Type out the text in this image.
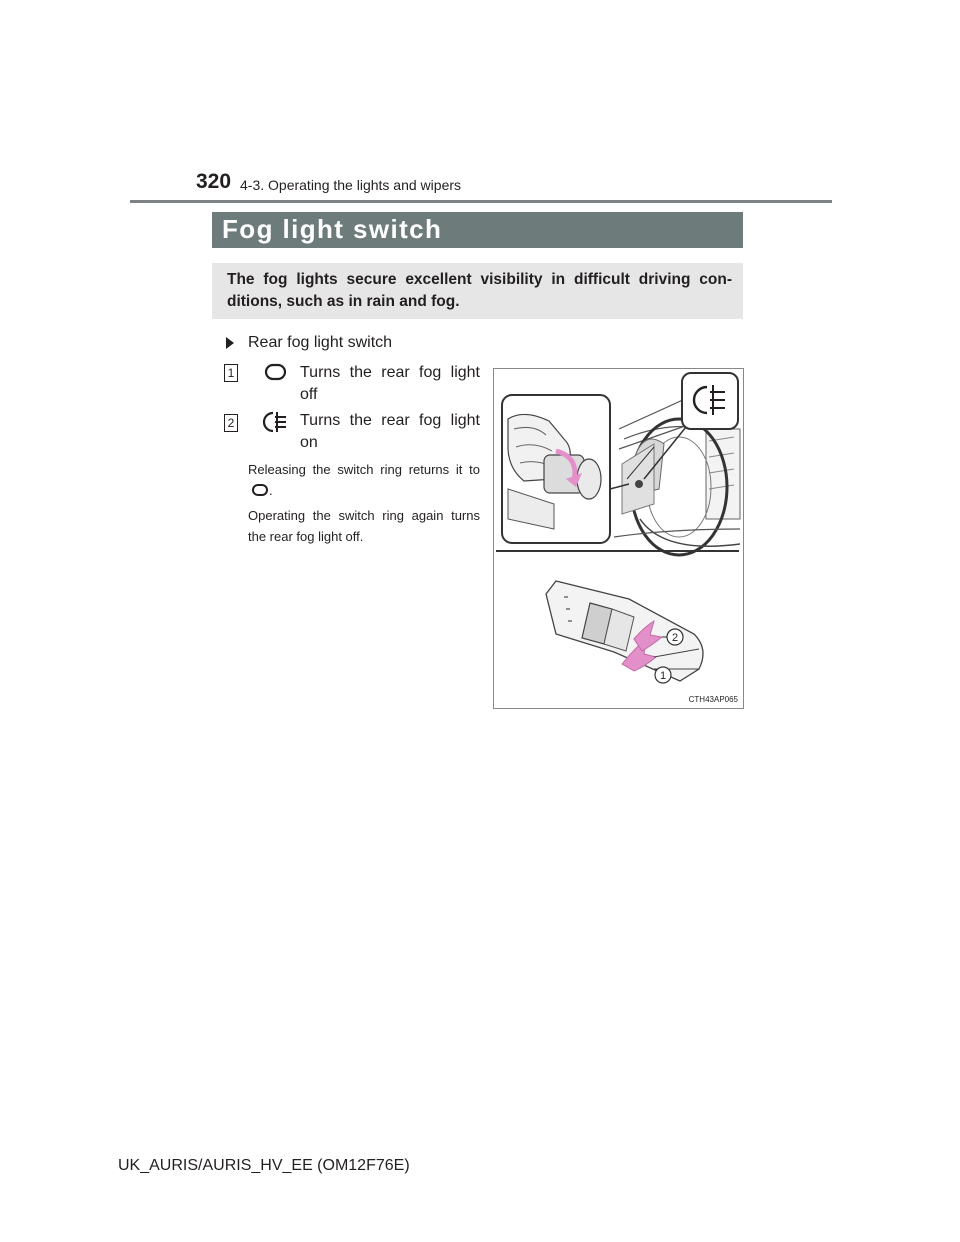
320 4-3. Operating the lights and wipers
Fog light switch
The fog lights secure excellent visibility in difficult driving con-ditions, such as in rain and fog.
Rear fog light switch
1	Turns the rear fog light off
2	Turns the rear fog light on
Releasing the switch ring returns it to .
Operating the switch ring again turns the rear fog light off.
2
1
CTH43AP065
UK_AURIS/AURIS_HV_EE (OM12F76E)
